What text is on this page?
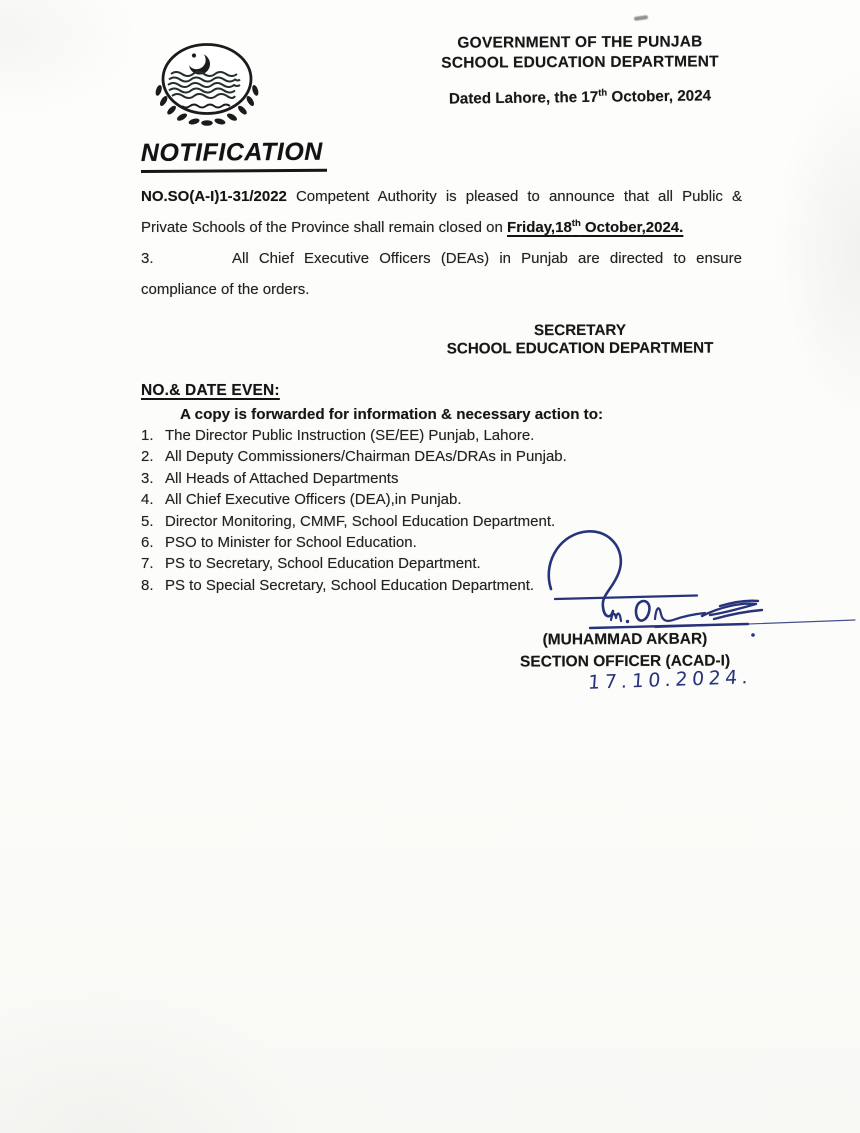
GOVERNMENT OF THE PUNJAB
SCHOOL EDUCATION DEPARTMENT
Dated Lahore, the 17th October, 2024
NOTIFICATION

NO.SO(A-I)1-31/2022 Competent Authority is pleased to announce that all Public & Private Schools of the Province shall remain closed on Friday,18th October,2024.

3.	All Chief Executive Officers (DEAs) in Punjab are directed to ensure compliance of the orders.

SECRETARY
SCHOOL EDUCATION DEPARTMENT
NO.& DATE EVEN:
A copy is forwarded for information & necessary action to:
1. The Director Public Instruction (SE/EE) Punjab, Lahore.
2. All Deputy Commissioners/Chairman DEAs/DRAs in Punjab.
3. All Heads of Attached Departments
4. All Chief Executive Officers (DEA),in Punjab.
5. Director Monitoring, CMMF, School Education Department.
6. PSO to Minister for School Education.
7. PS to Secretary, School Education Department.
8. PS to Special Secretary, School Education Department.
(MUHAMMAD AKBAR)
SECTION OFFICER (ACAD-I)
17.10.2024.
